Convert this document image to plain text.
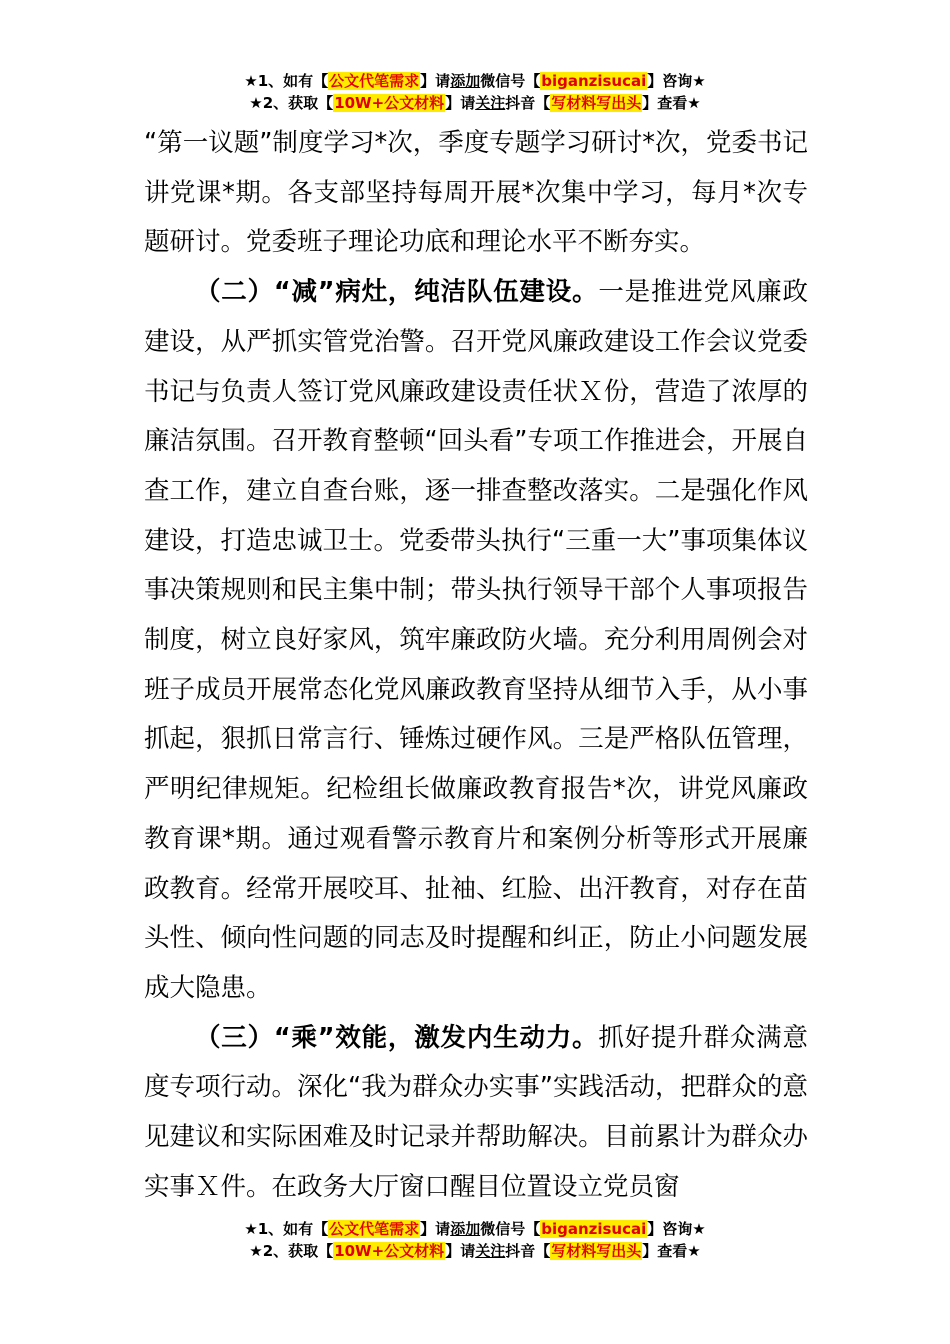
★1、如有【公文代笔需求】请添加微信号【biganzisucai】咨询★
★2、获取【10W+公文材料】请关注抖音【写材料写出头】查看★

“第一议题”制度学习*次，季度专题学习研讨*次，党委书记讲党课*期。各支部坚持每周开展*次集中学习，每月*次专题研讨。党委班子理论功底和理论水平不断夯实。

（二）“减”病灶，纯洁队伍建设。一是推进党风廉政建设，从严抓实管党治警。召开党风廉政建设工作会议党委书记与负责人签订党风廉政建设责任状Ｘ份，营造了浓厚的廉洁氛围。召开教育整顿“回头看”专项工作推进会，开展自查工作，建立自查台账，逐一排查整改落实。二是强化作风建设，打造忠诚卫士。党委带头执行“三重一大”事项集体议事决策规则和民主集中制；带头执行领导干部个人事项报告制度，树立良好家风，筑牢廉政防火墙。充分利用周例会对班子成员开展常态化党风廉政教育坚持从细节入手，从小事抓起，狠抓日常言行、锤炼过硬作风。三是严格队伍管理，严明纪律规矩。纪检组长做廉政教育报告*次，讲党风廉政教育课*期。通过观看警示教育片和案例分析等形式开展廉政教育。经常开展咬耳、扯袖、红脸、出汗教育，对存在苗头性、倾向性问题的同志及时提醒和纠正，防止小问题发展成大隐患。

（三）“乘”效能，激发内生动力。抓好提升群众满意度专项行动。深化“我为群众办实事”实践活动，把群众的意见建议和实际困难及时记录并帮助解决。目前累计为群众办实事Ｘ件。在政务大厅窗口醒目位置设立党员窗

★1、如有【公文代笔需求】请添加微信号【biganzisucai】咨询★
★2、获取【10W+公文材料】请关注抖音【写材料写出头】查看★
